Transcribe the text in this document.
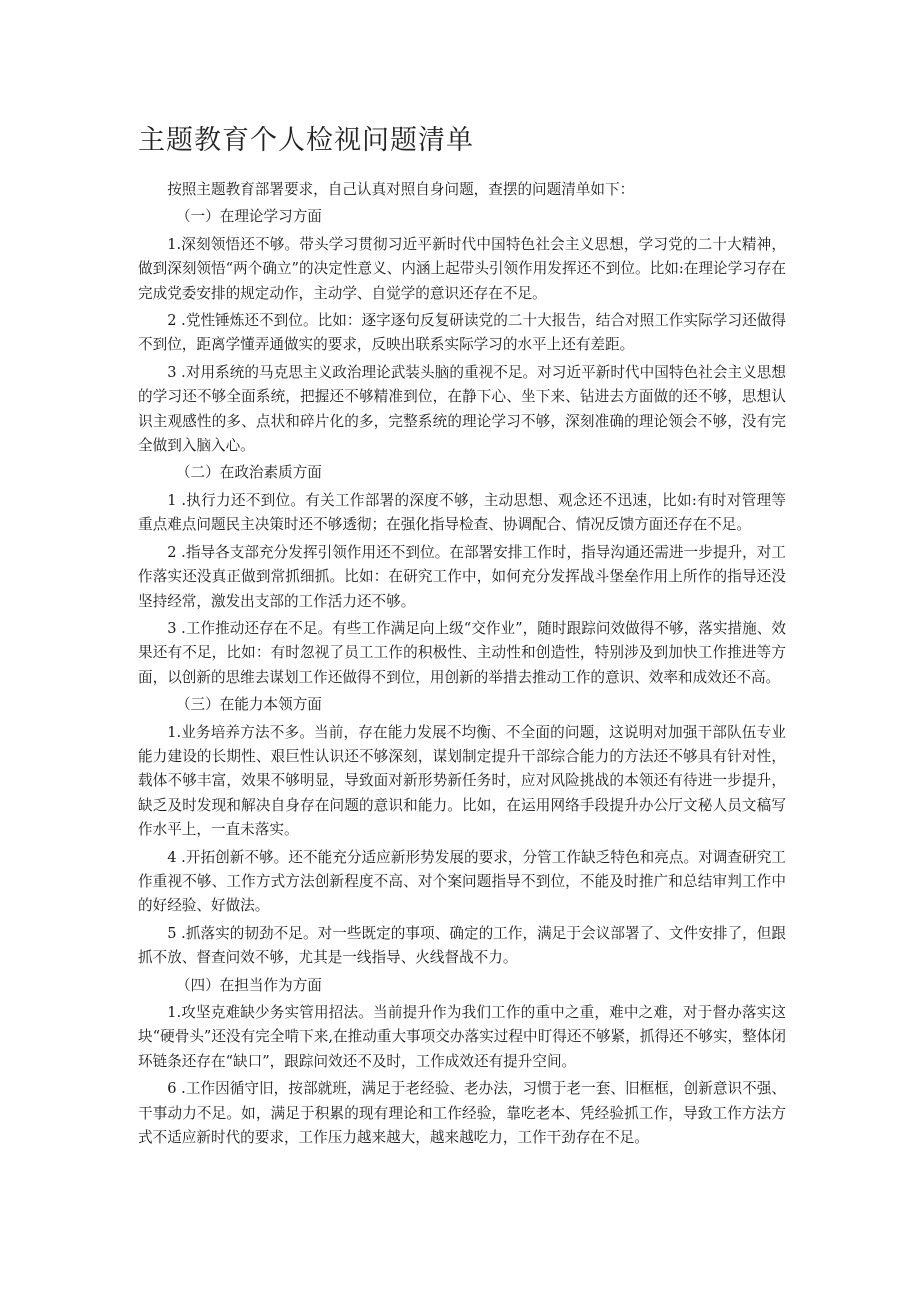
主题教育个人检视问题清单

按照主题教育部署要求，自己认真对照自身问题，查摆的问题清单如下：

（一）在理论学习方面

1.深刻领悟还不够。带头学习贯彻习近平新时代中国特色社会主义思想，学习党的二十大精神，做到深刻领悟“两个确立”的决定性意义、内涵上起带头引领作用发挥还不到位。比如:在理论学习存在完成党委安排的规定动作，主动学、自觉学的意识还存在不足。

2 .党性锤炼还不到位。比如：逐字逐句反复研读党的二十大报告，结合对照工作实际学习还做得不到位，距离学懂弄通做实的要求，反映出联系实际学习的水平上还有差距。

3 .对用系统的马克思主义政治理论武装头脑的重视不足。对习近平新时代中国特色社会主义思想的学习还不够全面系统，把握还不够精准到位，在静下心、坐下来、钻进去方面做的还不够，思想认识主观感性的多、点状和碎片化的多，完整系统的理论学习不够，深刻准确的理论领会不够，没有完全做到入脑入心。

（二）在政治素质方面

1 .执行力还不到位。有关工作部署的深度不够，主动思想、观念还不迅速，比如:有时对管理等重点难点问题民主决策时还不够透彻；在强化指导检查、协调配合、情况反馈方面还存在不足。

2 .指导各支部充分发挥引领作用还不到位。在部署安排工作时，指导沟通还需进一步提升，对工作落实还没真正做到常抓细抓。比如：在研究工作中，如何充分发挥战斗堡垒作用上所作的指导还没坚持经常，激发出支部的工作活力还不够。

3 .工作推动还存在不足。有些工作满足向上级“交作业”，随时跟踪问效做得不够，落实措施、效果还有不足，比如：有时忽视了员工工作的积极性、主动性和创造性，特别涉及到加快工作推进等方面，以创新的思维去谋划工作还做得不到位，用创新的举措去推动工作的意识、效率和成效还不高。

（三）在能力本领方面

1.业务培养方法不多。当前，存在能力发展不均衡、不全面的问题，这说明对加强干部队伍专业能力建设的长期性、艰巨性认识还不够深刻，谋划制定提升干部综合能力的方法还不够具有针对性，载体不够丰富，效果不够明显，导致面对新形势新任务时，应对风险挑战的本领还有待进一步提升，缺乏及时发现和解决自身存在问题的意识和能力。比如，在运用网络手段提升办公厅文秘人员文稿写作水平上，一直未落实。

4 .开拓创新不够。还不能充分适应新形势发展的要求，分管工作缺乏特色和亮点。对调查研究工作重视不够、工作方式方法创新程度不高、对个案问题指导不到位，不能及时推广和总结审判工作中的好经验、好做法。

5 .抓落实的韧劲不足。对一些既定的事项、确定的工作，满足于会议部署了、文件安排了，但跟抓不放、督查问效不够，尤其是一线指导、火线督战不力。

（四）在担当作为方面

1.攻坚克难缺少务实管用招法。当前提升作为我们工作的重中之重，难中之难，对于督办落实这块“硬骨头”还没有完全啃下来,在推动重大事项交办落实过程中盯得还不够紧，抓得还不够实，整体闭环链条还存在“缺口”，跟踪问效还不及时，工作成效还有提升空间。

6 .工作因循守旧，按部就班，满足于老经验、老办法，习惯于老一套、旧框框，创新意识不强、干事动力不足。如，满足于积累的现有理论和工作经验，靠吃老本、凭经验抓工作，导致工作方法方式不适应新时代的要求，工作压力越来越大，越来越吃力，工作干劲存在不足。
